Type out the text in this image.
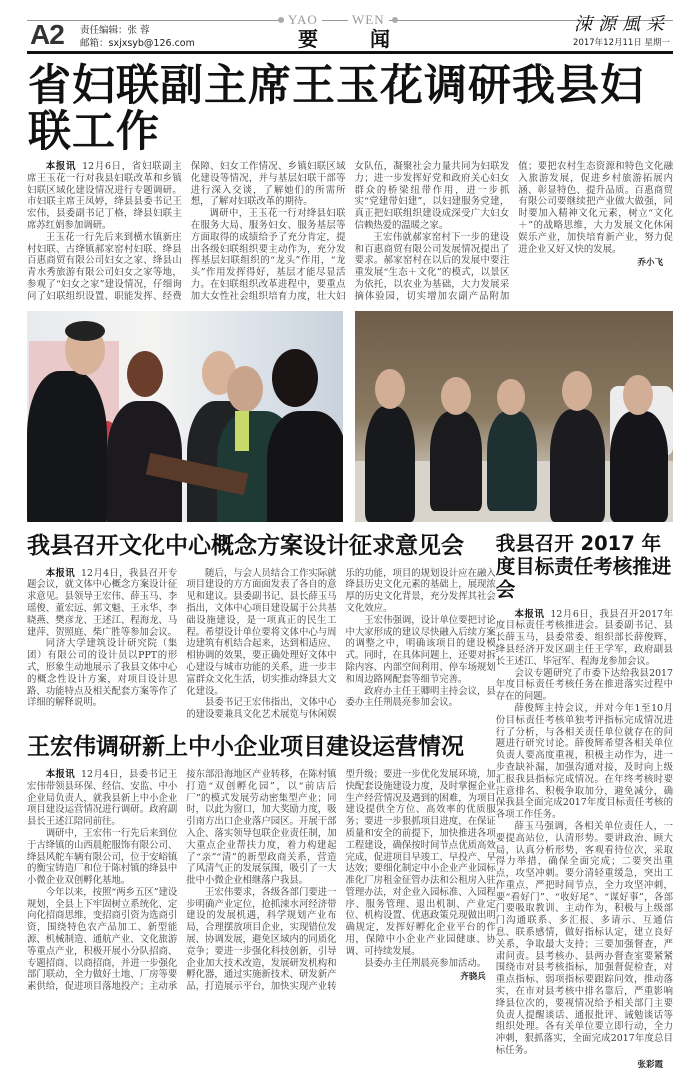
YAO	WEN
A2 责任编辑：张 蓉
邮箱：sxjxsyb@126.com	要	闻
涑源風采
2017年12月11日 星期一
省妇联副主席王玉花调研我县妇联工作

本报讯 12月6日，省妇联副主席王玉花一行对我县妇联改革和乡镇妇联区域化建设情况进行专题调研。市妇联主席王凤婷，绛县县委书记王宏伟，县委副书记丁格，绛县妇联主席苏红娟参加调研。

王玉花一行先后来到横水镇新庄村妇联、古绛镇郝家窑村妇联、绛县百惠商贸有限公司妇女之家、绛县山青水秀旅游有限公司妇女之家等地，参观了“妇女之家”建设情况，仔细询问了妇联组织设置、职能发挥、经费保障、妇女工作情况、乡镇妇联区域化建设等情况，并与基层妇联干部等进行深入交谈，了解她们的所需所想，了解对妇联改革的期待。

调研中，王玉花一行对绛县妇联在服务大局、服务妇女、服务基层等方面取得的成绩给予了充分肯定，提出各级妇联组织要主动作为，充分发挥基层妇联组织的“龙头”作用，“龙头”作用发挥得好，基层才能尽显活力。在妇联组织改革进程中，要重点加大女性社会组织培育力度，壮大妇女队伍，凝聚社会力量共同为妇联发力；进一步发挥好党和政府关心妇女群众的桥梁纽带作用，进一步抓实“党建带妇建”，以妇建服务党建，真正把妇联组织建设成深受广大妇女信赖热爱的温暖之家。

王宏伟就郝家窑村下一步的建设和百惠商贸有限公司发展情况提出了要求。郝家窑村在以后的发展中要注重发展“生态＋文化”的模式，以景区为依托，以农业为基础，大力发展采摘体验园，切实增加农副产品附加值；要把农村生态资源和特色文化融入旅游发展，促进乡村旅游拓展内涵、彰显特色、提升品质。百惠商贸有限公司要继续把产业做大做强，同时要加入精神文化元素，树立“文化＋”的战略思维，大力发展文化休闲娱乐产业，加快培育新产业，努力促进企业又好又快的发展。

乔小飞
我县召开文化中心概念方案设计征求意见会

本报讯 12月4日，我县召开专题会议，就文体中心概念方案设计征求意见。县领导王宏伟、薛玉马、李瑶俊、董宏远、郭文魁、王永华、李晓燕、樊彦龙、王述江、程海龙、马建萍、贺照庭、柴广胜等参加会议。

同济大学建筑设计研究院（集团）有限公司的设计员以PPT的形式，形象生动地展示了我县文体中心的概念性设计方案，对项目设计思路、功能特点及相关配套方案等作了详细的解释说明。

随后，与会人员结合工作实际就项目建设的方方面面发表了各自的意见和建议。县委副书记、县长薛玉马指出，文体中心项目建设属于公共基础设施建设，是一项真正的民生工程。希望设计单位要将文体中心与周边建筑有机结合起来，达到相适应、相协调的效果，要正确处理好文体中心建设与城市功能的关系，进一步丰富群众文化生活，切实推动绛县大文化建设。

县委书记王宏伟指出，文体中心的建设要兼具文化艺术展览与休闲娱乐的功能，项目的规划设计应在融入绛县历史文化元素的基础上，展现浓厚的历史文化背景，充分发挥其社会文化效应。

王宏伟强调，设计单位要把讨论中大家形成的建议尽快融入后续方案的调整之中，明确该项目的建设模式。同时，在具体问题上，还要对拆除内容、内部空间利用、停车场规划和周边路网配套等细节完善。

政府办主任王卿明主持会议，县委办主任荆晨亮参加会议。

王宏伟调研新上中小企业项目建设运营情况

本报讯 12月4日，县委书记王宏伟带领县环保、经信、安监、中小企业局负责人，就我县新上中小企业项目建设运营情况进行调研。政府副县长王述江陪同前往。

调研中，王宏伟一行先后来到位于古绛镇的山西晨舵服饰有限公司、绛县风舵车辆有限公司，位于安峪镇的衡宝铸造厂和位于陈村镇的绛县中小微企业双创孵化基地。

今年以来，按照“两乡五区”建设规划，全县上下牢固树立系统化、定向化招商思维，变招商引资为选商引资，围绕特色农产品加工、新型能源、机械制造、通航产业、文化旅游等重点产业，积极开展小分队招商、专题招商、以商招商，并进一步强化部门联动，全力做好土地、厂房等要素供给，促进项目落地投产；主动承接东部沿海地区产业转移，在陈村镇打造“双创孵化园”，以“前店后厂”的模式发展劳动密集型产业；同时，以此为窗口，加大奖励力度，吸引南方出口企业落户园区。开展干部入企、落实领导包联企业责任制，加大重点企业帮扶力度，着力构建起了“亲”“清”的新型政商关系，营造了风清气正的发展氛围，吸引了一大批中小微企业相继落户我县。

王宏伟要求，各级各部门要进一步明确产业定位，抢抓涑水河经济带建设的发展机遇，科学规划产业布局，合理摆放项目企业，实现错位发展、协调发展，避免区域内的同质化竞争；要进一步强化科技创新，引导企业加大技术改造，发展研发机构和孵化器，通过实施新技术、研发新产品，打造展示平台，加快实现产业转型升级；要进一步优化发展环境，加快配套设施建设力度，及时掌握企业生产经营情况及遇到的困难，为项目建设提供全方位、高效率的优质服务；要进一步狠抓项目进度，在保证质量和安全的前提下，加快推进各项工程建设，确保按时间节点优质高效完成，促进项目早竣工、早投产、早达效；要细化制定中小企业产业园标准化厂房租金征管办法和公租房入驻管理办法，对企业入园标准、入园程序、服务管理、退出机制、产业定位、机构设置、优惠政策兑现做出明确规定，发挥好孵化企业平台的作用，保障中小企业产业园健康、协调、可持续发展。

县委办主任荆晨亮参加活动。

齐骁兵
我县召开 2017 年度目标责任考核推进会

本报讯 12月6日，我县召开2017年度目标责任考核推进会。县委副书记、县长薛玉马，县委常委、组织部长薛俊辉，绛县经济开发区副主任王学军，政府副县长王述江、毕冠军、程海龙参加会议。

会议专题研究了市委下达给我县2017年度目标责任考核任务在推进落实过程中存在的问题。

薛俊辉主持会议，并对今年1至10月份目标责任考核单独考评指标完成情况进行了分析，与各相关责任单位就存在的问题进行研究讨论。薛俊辉希望各相关单位负责人要高度重视，积极主动作为，进一步查缺补漏，加强沟通对接，及时向上级汇报我县指标完成情况。在年终考核时要注意排名、积极争取加分，避免减分，确保我县全面完成2017年度目标责任考核的各项工作任务。

薛玉马强调，各相关单位责任人，一要提高站位，认清形势。要讲政治、顾大局，认真分析形势，客观看待位次，采取得力举措，确保全面完成；二要突出重点，攻坚冲刺。要分清轻重缓急，突出工作重点，严把时间节点，全力攻坚冲刺，要“看好门”、“收好尾”、“谋好事”，各部门要吸取教训、主动作为，积极与上级部门沟通联系、多汇报、多请示、互通信息、联系感情，做好指标认定，建立良好关系，争取最大支持；三要加强督查，严肃问责。县考核办、县两办督查室要紧紧围绕市对县考核指标，加强督促检查，对重点指标、弱项指标要跟踪问效，推动落实，在市对县考核中排名靠后，严重影响绛县位次的，要视情况给予相关部门主要负责人提醒谈话、通报批评、诫勉谈话等组织处理。各有关单位要立即行动，全力冲刺，狠抓落实，全面完成2017年度总目标任务。

张彩霞
